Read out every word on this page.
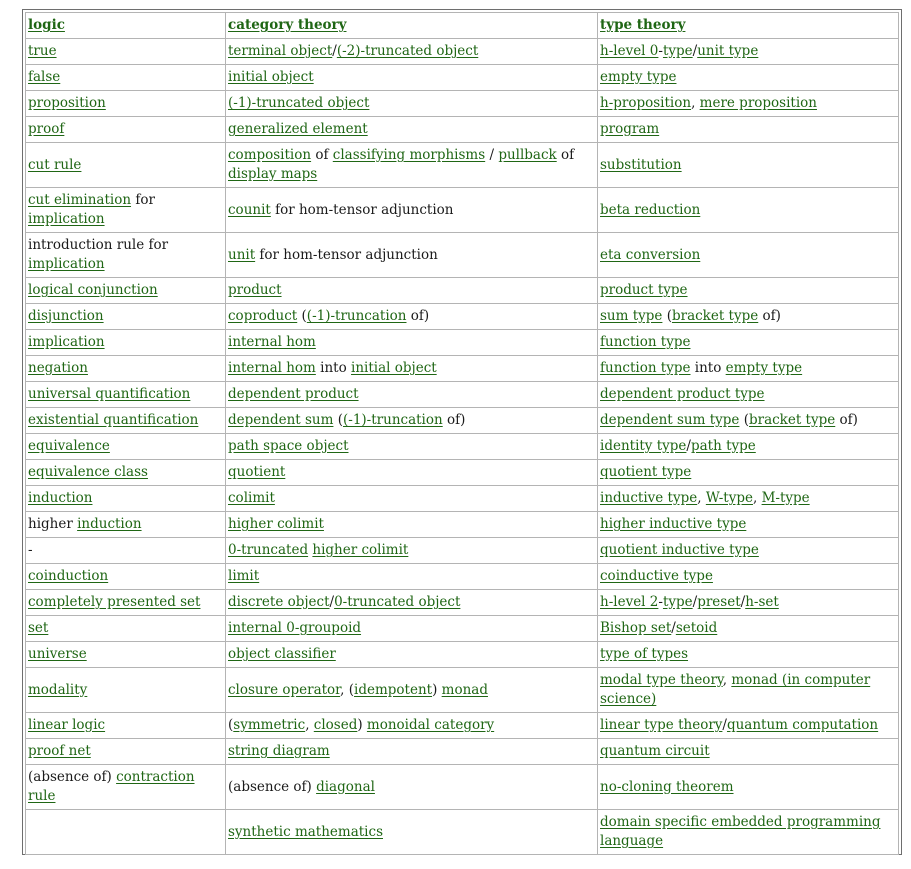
logic	category theory	type theory
true	terminal object/(-2)-truncated object	h-level 0-type/unit type
false	initial object	empty type
proposition	(-1)-truncated object	h-proposition, mere proposition
proof	generalized element	program
cut rule	composition of classifying morphisms / pullback of display maps	substitution
cut elimination for implication	counit for hom-tensor adjunction	beta reduction
introduction rule for implication	unit for hom-tensor adjunction	eta conversion
logical conjunction	product	product type
disjunction	coproduct ((-1)-truncation of)	sum type (bracket type of)
implication	internal hom	function type
negation	internal hom into initial object	function type into empty type
universal quantification	dependent product	dependent product type
existential quantification	dependent sum ((-1)-truncation of)	dependent sum type (bracket type of)
equivalence	path space object	identity type/path type
equivalence class	quotient	quotient type
induction	colimit	inductive type, W-type, M-type
higher induction	higher colimit	higher inductive type
-	0-truncated higher colimit	quotient inductive type
coinduction	limit	coinductive type
completely presented set	discrete object/0-truncated object	h-level 2-type/preset/h-set
set	internal 0-groupoid	Bishop set/setoid
universe	object classifier	type of types
modality	closure operator, (idempotent) monad	modal type theory, monad (in computer science)
linear logic	(symmetric, closed) monoidal category	linear type theory/quantum computation
proof net	string diagram	quantum circuit
(absence of) contraction rule	(absence of) diagonal	no-cloning theorem
	synthetic mathematics	domain specific embedded programming language
